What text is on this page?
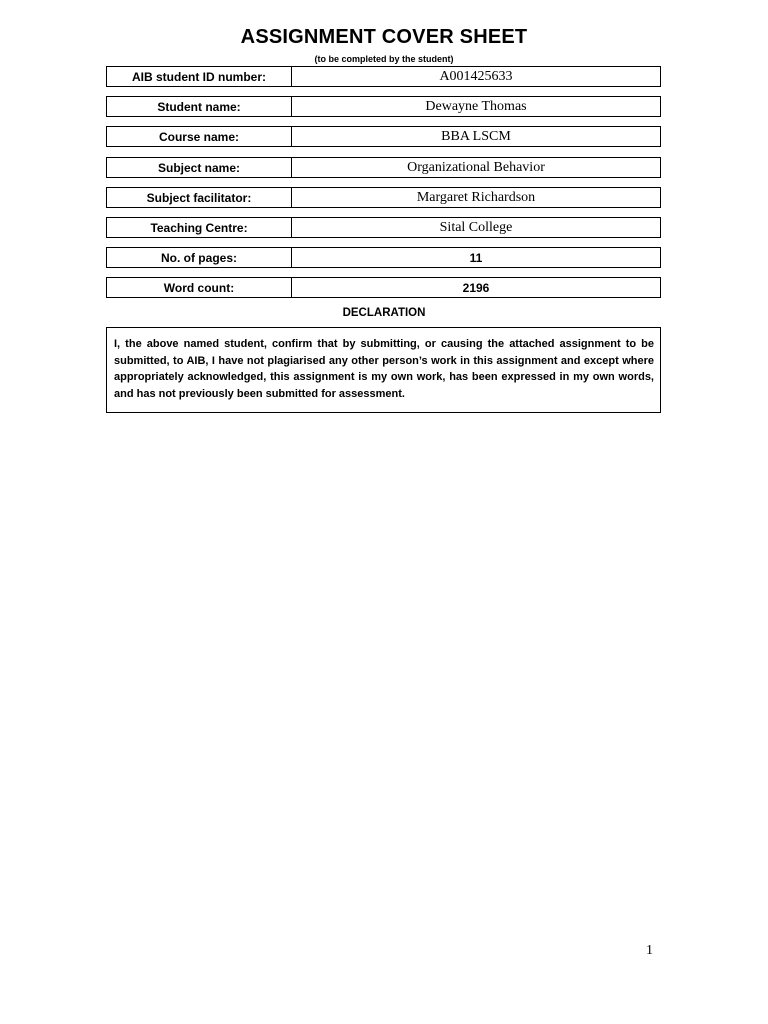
ASSIGNMENT COVER SHEET
(to be completed by the student)
AIB student ID number:	A001425633
Student name:	Dewayne Thomas
Course name:	BBA LSCM
Subject name:	Organizational Behavior
Subject facilitator:	Margaret Richardson
Teaching Centre:	Sital College
No. of pages:	11
Word count:	2196
DECLARATION
I, the above named student, confirm that by submitting, or causing the attached assignment to be submitted, to AIB, I have not plagiarised any other person’s work in this assignment and except where appropriately acknowledged, this assignment is my own work, has been expressed in my own words, and has not previously been submitted for assessment.
1
